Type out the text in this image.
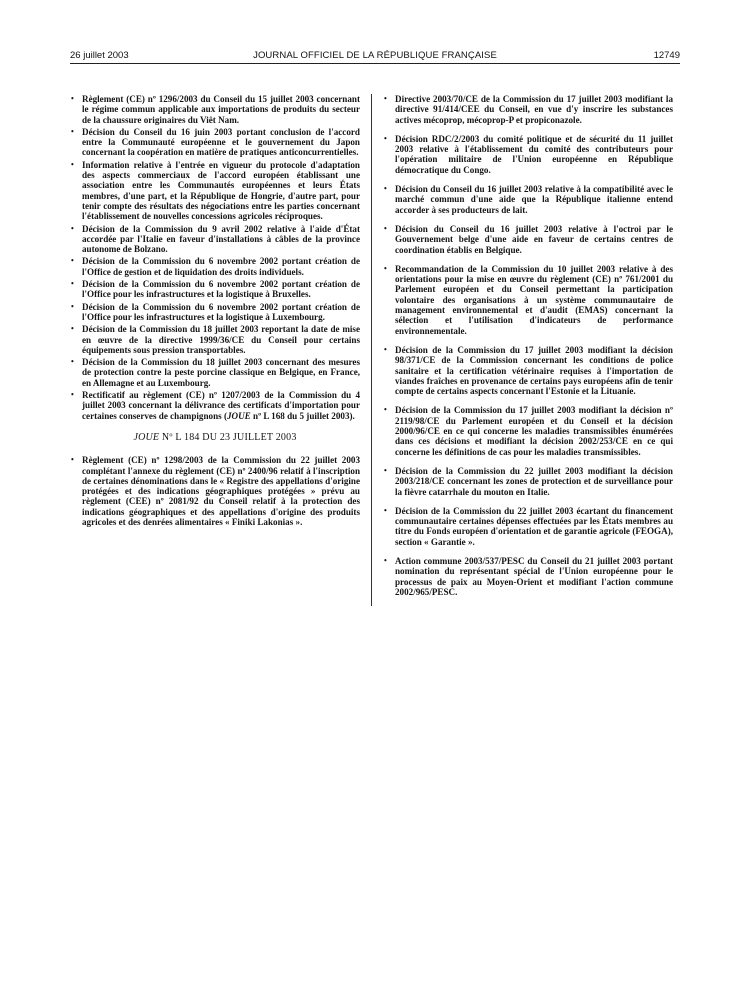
26 juillet 2003	JOURNAL OFFICIEL DE LA RÉPUBLIQUE FRANÇAISE	12749
• Règlement (CE) nº 1296/2003 du Conseil du 15 juillet 2003 concernant le régime commun applicable aux importations de produits du secteur de la chaussure originaires du Viêt Nam.
• Décision du Conseil du 16 juin 2003 portant conclusion de l'accord entre la Communauté européenne et le gouvernement du Japon concernant la coopération en matière de pratiques anticoncurrentielles.
• Information relative à l'entrée en vigueur du protocole d'adaptation des aspects commerciaux de l'accord européen établissant une association entre les Communautés européennes et leurs États membres, d'une part, et la République de Hongrie, d'autre part, pour tenir compte des résultats des négociations entre les parties concernant l'établissement de nouvelles concessions agricoles réciproques.
• Décision de la Commission du 9 avril 2002 relative à l'aide d'État accordée par l'Italie en faveur d'installations à câbles de la province autonome de Bolzano.
• Décision de la Commission du 6 novembre 2002 portant création de l'Office de gestion et de liquidation des droits individuels.
• Décision de la Commission du 6 novembre 2002 portant création de l'Office pour les infrastructures et la logistique à Bruxelles.
• Décision de la Commission du 6 novembre 2002 portant création de l'Office pour les infrastructures et la logistique à Luxembourg.
• Décision de la Commission du 18 juillet 2003 reportant la date de mise en œuvre de la directive 1999/36/CE du Conseil pour certains équipements sous pression transportables.
• Décision de la Commission du 18 juillet 2003 concernant des mesures de protection contre la peste porcine classique en Belgique, en France, en Allemagne et au Luxembourg.
• Rectificatif au règlement (CE) nº 1207/2003 de la Commission du 4 juillet 2003 concernant la délivrance des certificats d'importation pour certaines conserves de champignons (JOUE nº L 168 du 5 juillet 2003).
JOUE Nº L 184 DU 23 JUILLET 2003
• Règlement (CE) nº 1298/2003 de la Commission du 22 juillet 2003 complétant l'annexe du règlement (CE) nº 2400/96 relatif à l'inscription de certaines dénominations dans le « Registre des appellations d'origine protégées et des indications géographiques protégées » prévu au règlement (CEE) nº 2081/92 du Conseil relatif à la protection des indications géographiques et des appellations d'origine des produits agricoles et des denrées alimentaires « Finiki Lakonias ».
• Directive 2003/70/CE de la Commission du 17 juillet 2003 modifiant la directive 91/414/CEE du Conseil, en vue d'y inscrire les substances actives mécoprop, mécoprop-P et propiconazole.
• Décision RDC/2/2003 du comité politique et de sécurité du 11 juillet 2003 relative à l'établissement du comité des contributeurs pour l'opération militaire de l'Union européenne en République démocratique du Congo.
• Décision du Conseil du 16 juillet 2003 relative à la compatibilité avec le marché commun d'une aide que la République italienne entend accorder à ses producteurs de lait.
• Décision du Conseil du 16 juillet 2003 relative à l'octroi par le Gouvernement belge d'une aide en faveur de certains centres de coordination établis en Belgique.
• Recommandation de la Commission du 10 juillet 2003 relative à des orientations pour la mise en œuvre du règlement (CE) nº 761/2001 du Parlement européen et du Conseil permettant la participation volontaire des organisations à un système communautaire de management environnemental et d'audit (EMAS) concernant la sélection et l'utilisation d'indicateurs de performance environnementale.
• Décision de la Commission du 17 juillet 2003 modifiant la décision 98/371/CE de la Commission concernant les conditions de police sanitaire et la certification vétérinaire requises à l'importation de viandes fraîches en provenance de certains pays européens afin de tenir compte de certains aspects concernant l'Estonie et la Lituanie.
• Décision de la Commission du 17 juillet 2003 modifiant la décision nº 2119/98/CE du Parlement européen et du Conseil et la décision 2000/96/CE en ce qui concerne les maladies transmissibles énumérées dans ces décisions et modifiant la décision 2002/253/CE en ce qui concerne les définitions de cas pour les maladies transmissibles.
• Décision de la Commission du 22 juillet 2003 modifiant la décision 2003/218/CE concernant les zones de protection et de surveillance pour la fièvre catarrhale du mouton en Italie.
• Décision de la Commission du 22 juillet 2003 écartant du financement communautaire certaines dépenses effectuées par les États membres au titre du Fonds européen d'orientation et de garantie agricole (FEOGA), section « Garantie ».
• Action commune 2003/537/PESC du Conseil du 21 juillet 2003 portant nomination du représentant spécial de l'Union européenne pour le processus de paix au Moyen-Orient et modifiant l'action commune 2002/965/PESC.
